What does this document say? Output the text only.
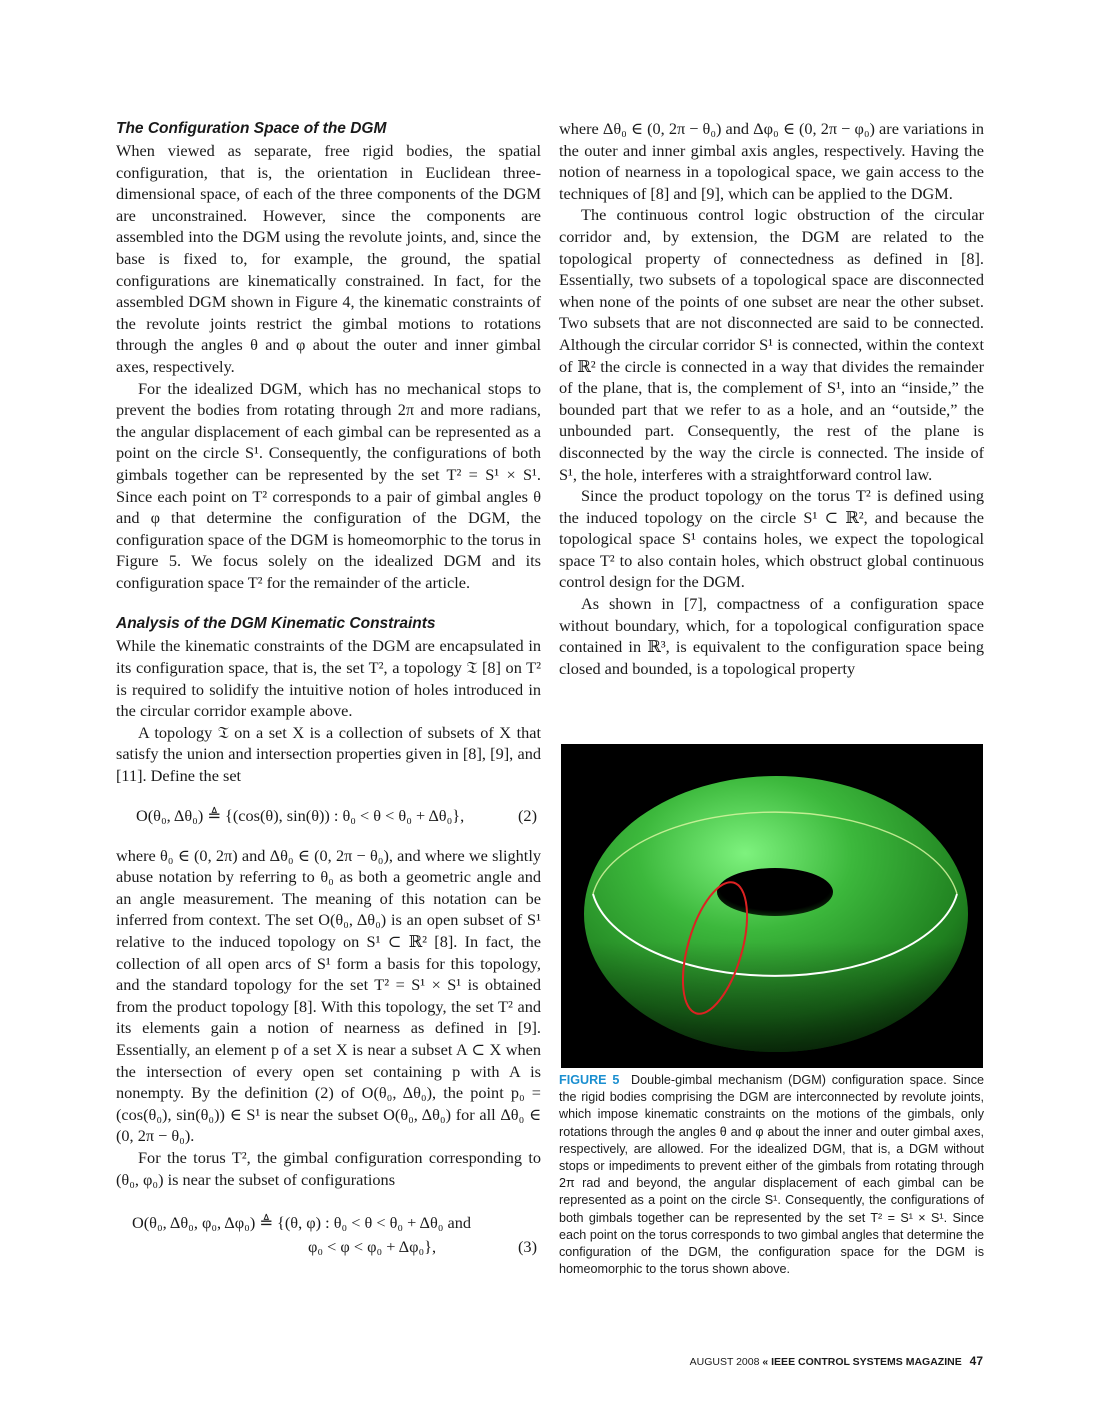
The Configuration Space of the DGM

When viewed as separate, free rigid bodies, the spatial configuration, that is, the orientation in Euclidean three-dimensional space, of each of the three components of the DGM are unconstrained. However, since the components are assembled into the DGM using the revolute joints, and, since the base is fixed to, for example, the ground, the spatial configurations are kinematically constrained. In fact, for the assembled DGM shown in Figure 4, the kinematic constraints of the revolute joints restrict the gimbal motions to rotations through the angles θ and φ about the outer and inner gimbal axes, respectively.

For the idealized DGM, which has no mechanical stops to prevent the bodies from rotating through 2π and more radians, the angular displacement of each gimbal can be represented as a point on the circle S¹. Consequently, the configurations of both gimbals together can be represented by the set T² = S¹ × S¹. Since each point on T² corresponds to a pair of gimbal angles θ and φ that determine the configuration of the DGM, the configuration space of the DGM is homeomorphic to the torus in Figure 5. We focus solely on the idealized DGM and its configuration space T² for the remainder of the article.

Analysis of the DGM Kinematic Constraints

While the kinematic constraints of the DGM are encapsulated in its configuration space, that is, the set T², a topology 𝔗 [8] on T² is required to solidify the intuitive notion of holes introduced in the circular corridor example above.

A topology 𝔗 on a set X is a collection of subsets of X that satisfy the union and intersection properties given in [8], [9], and [11]. Define the set

O(θ₀, Δθ₀) ≜ {(cos(θ), sin(θ)) : θ₀ < θ < θ₀ + Δθ₀},	(2)

where θ₀ ∈ (0, 2π) and Δθ₀ ∈ (0, 2π − θ₀), and where we slightly abuse notation by referring to θ₀ as both a geometric angle and an angle measurement. The meaning of this notation can be inferred from context. The set O(θ₀, Δθ₀) is an open subset of S¹ relative to the induced topology on S¹ ⊂ ℝ² [8]. In fact, the collection of all open arcs of S¹ form a basis for this topology, and the standard topology for the set T² = S¹ × S¹ is obtained from the product topology [8]. With this topology, the set T² and its elements gain a notion of nearness as defined in [9]. Essentially, an element p of a set X is near a subset A ⊂ X when the intersection of every open set containing p with A is nonempty. By the definition (2) of O(θ₀, Δθ₀), the point p₀ = (cos(θ₀), sin(θ₀)) ∈ S¹ is near the subset O(θ₀, Δθ₀) for all Δθ₀ ∈ (0, 2π − θ₀).

For the torus T², the gimbal configuration corresponding to (θ₀, φ₀) is near the subset of configurations

O(θ₀, Δθ₀, φ₀, Δφ₀) ≜ {(θ, φ) : θ₀ < θ < θ₀ + Δθ₀ and
φ₀ < φ < φ₀ + Δφ₀},	(3)

where Δθ₀ ∈ (0, 2π − θ₀) and Δφ₀ ∈ (0, 2π − φ₀) are variations in the outer and inner gimbal axis angles, respectively. Having the notion of nearness in a topological space, we gain access to the techniques of [8] and [9], which can be applied to the DGM.

The continuous control logic obstruction of the circular corridor and, by extension, the DGM are related to the topological property of connectedness as defined in [8]. Essentially, two subsets of a topological space are disconnected when none of the points of one subset are near the other subset. Two subsets that are not disconnected are said to be connected. Although the circular corridor S¹ is connected, within the context of ℝ² the circle is connected in a way that divides the remainder of the plane, that is, the complement of S¹, into an “inside,” the bounded part that we refer to as a hole, and an “outside,” the unbounded part. Consequently, the rest of the plane is disconnected by the way the circle is connected. The inside of S¹, the hole, interferes with a straightforward control law.

Since the product topology on the torus T² is defined using the induced topology on the circle S¹ ⊂ ℝ², and because the topological space S¹ contains holes, we expect the topological space T² to also contain holes, which obstruct global continuous control design for the DGM.

As shown in [7], compactness of a configuration space without boundary, which, for a topological configuration space contained in ℝ³, is equivalent to the configuration space being closed and bounded, is a topological property

FIGURE 5 Double-gimbal mechanism (DGM) configuration space. Since the rigid bodies comprising the DGM are interconnected by revolute joints, which impose kinematic constraints on the motions of the gimbals, only rotations through the angles θ and φ about the inner and outer gimbal axes, respectively, are allowed. For the idealized DGM, that is, a DGM without stops or impediments to prevent either of the gimbals from rotating through 2π rad and beyond, the angular displacement of each gimbal can be represented as a point on the circle S¹. Consequently, the configurations of both gimbals together can be represented by the set T² = S¹ × S¹. Since each point on the torus corresponds to two gimbal angles that determine the configuration of the DGM, the configuration space for the DGM is homeomorphic to the torus shown above.
AUGUST 2008 « IEEE CONTROL SYSTEMS MAGAZINE 47
